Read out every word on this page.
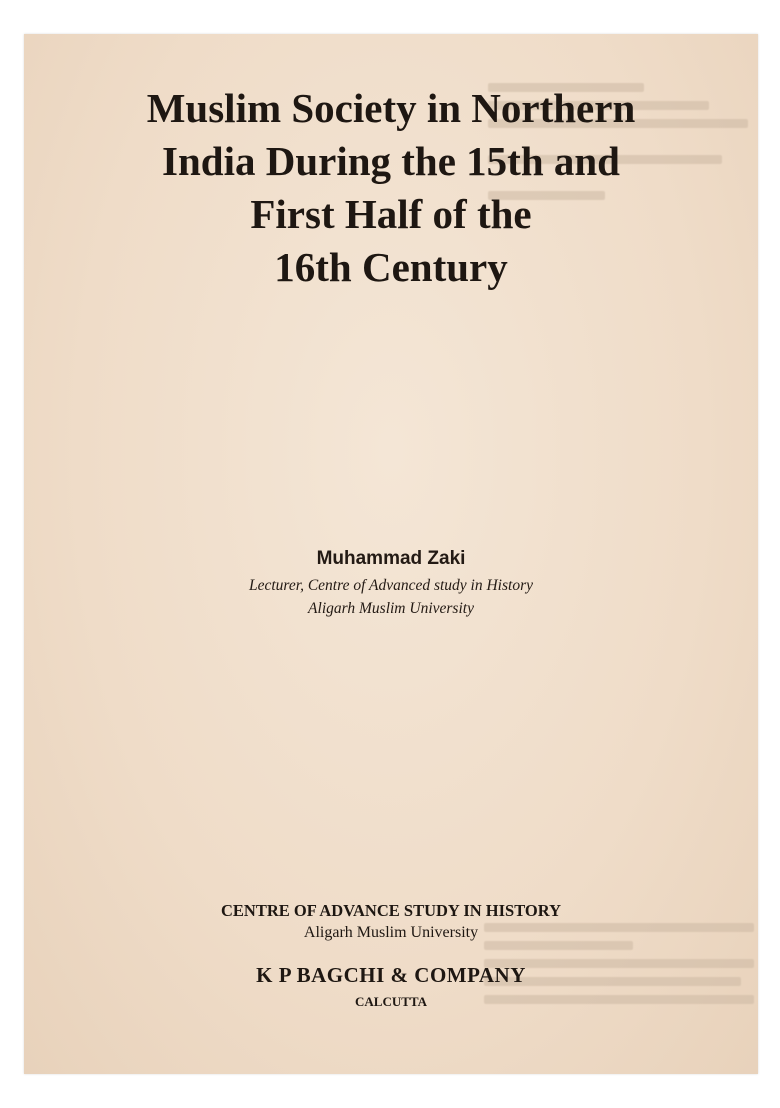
Muslim Society in Northern
India During the 15th and
First Half of the
16th Century
Muhammad Zaki
Lecturer, Centre of Advanced study in History
Aligarh Muslim University
CENTRE OF ADVANCE STUDY IN HISTORY
Aligarh Muslim University
K P BAGCHI & COMPANY
CALCUTTA
